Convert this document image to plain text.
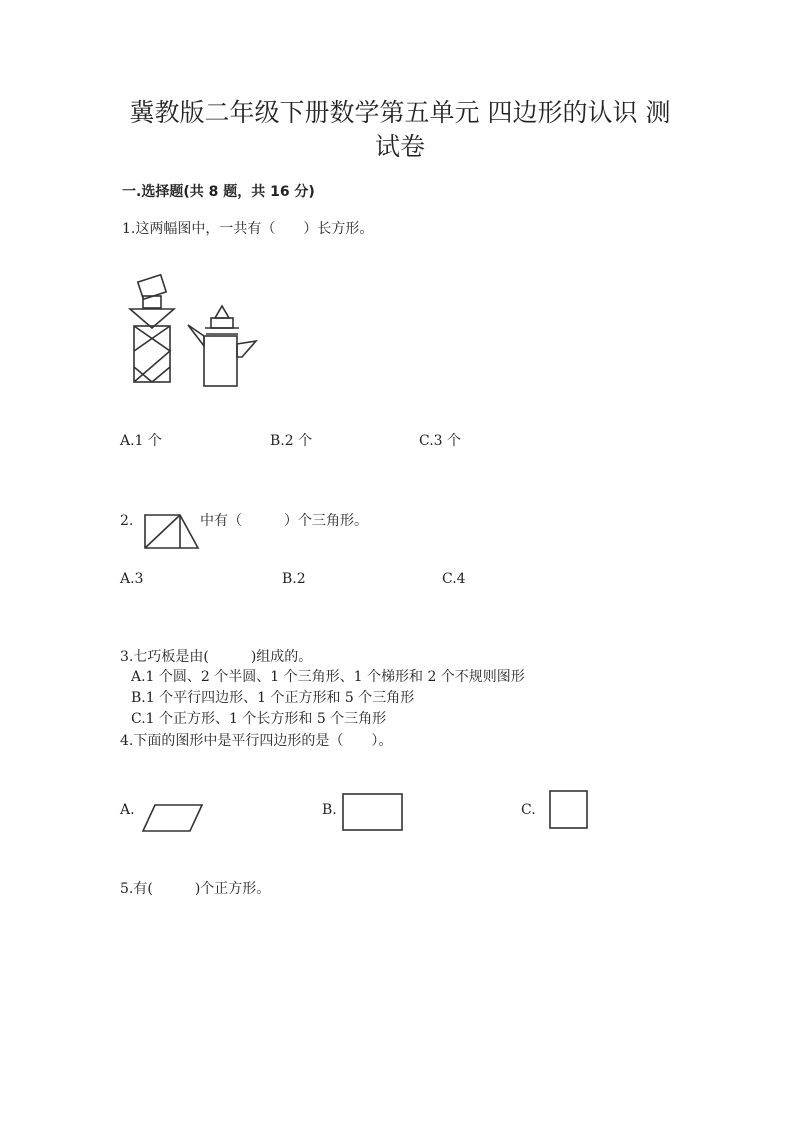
冀教版二年级下册数学第五单元 四边形的认识 测
试卷
一.选择题(共 8 题，共 16 分)
1.这两幅图中，一共有（　　）长方形。
A.1 个	B.2 个	C.3 个
2.	中有（　　　）个三角形。
A.3	B.2	C.4
3.七巧板是由(　　　)组成的。
A.1 个圆、2 个半圆、1 个三角形、1 个梯形和 2 个不规则图形
B.1 个平行四边形、1 个正方形和 5 个三角形
C.1 个正方形、1 个长方形和 5 个三角形
4.下面的图形中是平行四边形的是（　　）。
A.	B.	C.
5.有(　　　)个正方形。
